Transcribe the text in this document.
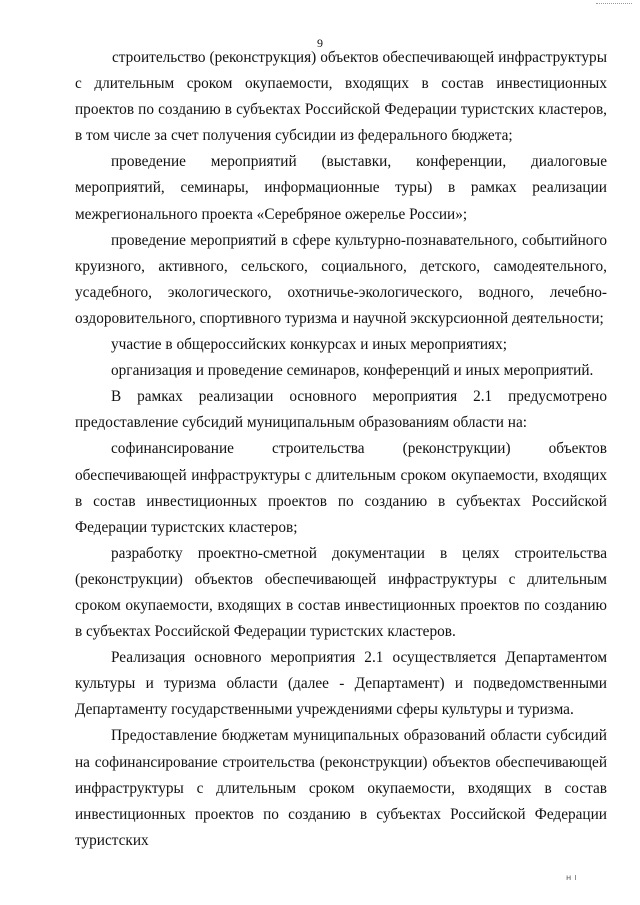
9

строительство (реконструкция) объектов обеспечивающей инфраструктуры с длительным сроком окупаемости, входящих в состав инвестиционных проектов по созданию в субъектах Российской Федерации туристских кластеров, в том числе за счет получения субсидии из федерального бюджета;

проведение мероприятий (выставки, конференции, диалоговые мероприятий, семинары, информационные туры) в рамках реализации межрегионального проекта «Серебряное ожерелье России»;

проведение мероприятий в сфере культурно-познавательного, событийного круизного, активного, сельского, социального, детского, самодеятельного, усадебного, экологического, охотничье-экологического, водного, лечебно-оздоровительного, спортивного туризма и научной экскурсионной деятельности;

участие в общероссийских конкурсах и иных мероприятиях;

организация и проведение семинаров, конференций и иных мероприятий.

В рамках реализации основного мероприятия 2.1 предусмотрено предоставление субсидий муниципальным образованиям области на:

софинансирование строительства (реконструкции) объектов обеспечивающей инфраструктуры с длительным сроком окупаемости, входящих в состав инвестиционных проектов по созданию в субъектах Российской Федерации туристских кластеров;

разработку проектно-сметной документации в целях строительства (реконструкции) объектов обеспечивающей инфраструктуры с длительным сроком окупаемости, входящих в состав инвестиционных проектов по созданию в субъектах Российской Федерации туристских кластеров.

Реализация основного мероприятия 2.1 осуществляется Департаментом культуры и туризма области (далее - Департамент) и подведомственными Департаменту государственными учреждениями сферы культуры и туризма.

Предоставление бюджетам муниципальных образований области субсидий на софинансирование строительства (реконструкции) объектов обеспечивающей инфраструктуры с длительным сроком окупаемости, входящих в состав инвестиционных проектов по созданию в субъектах Российской Федерации туристских

н ।
